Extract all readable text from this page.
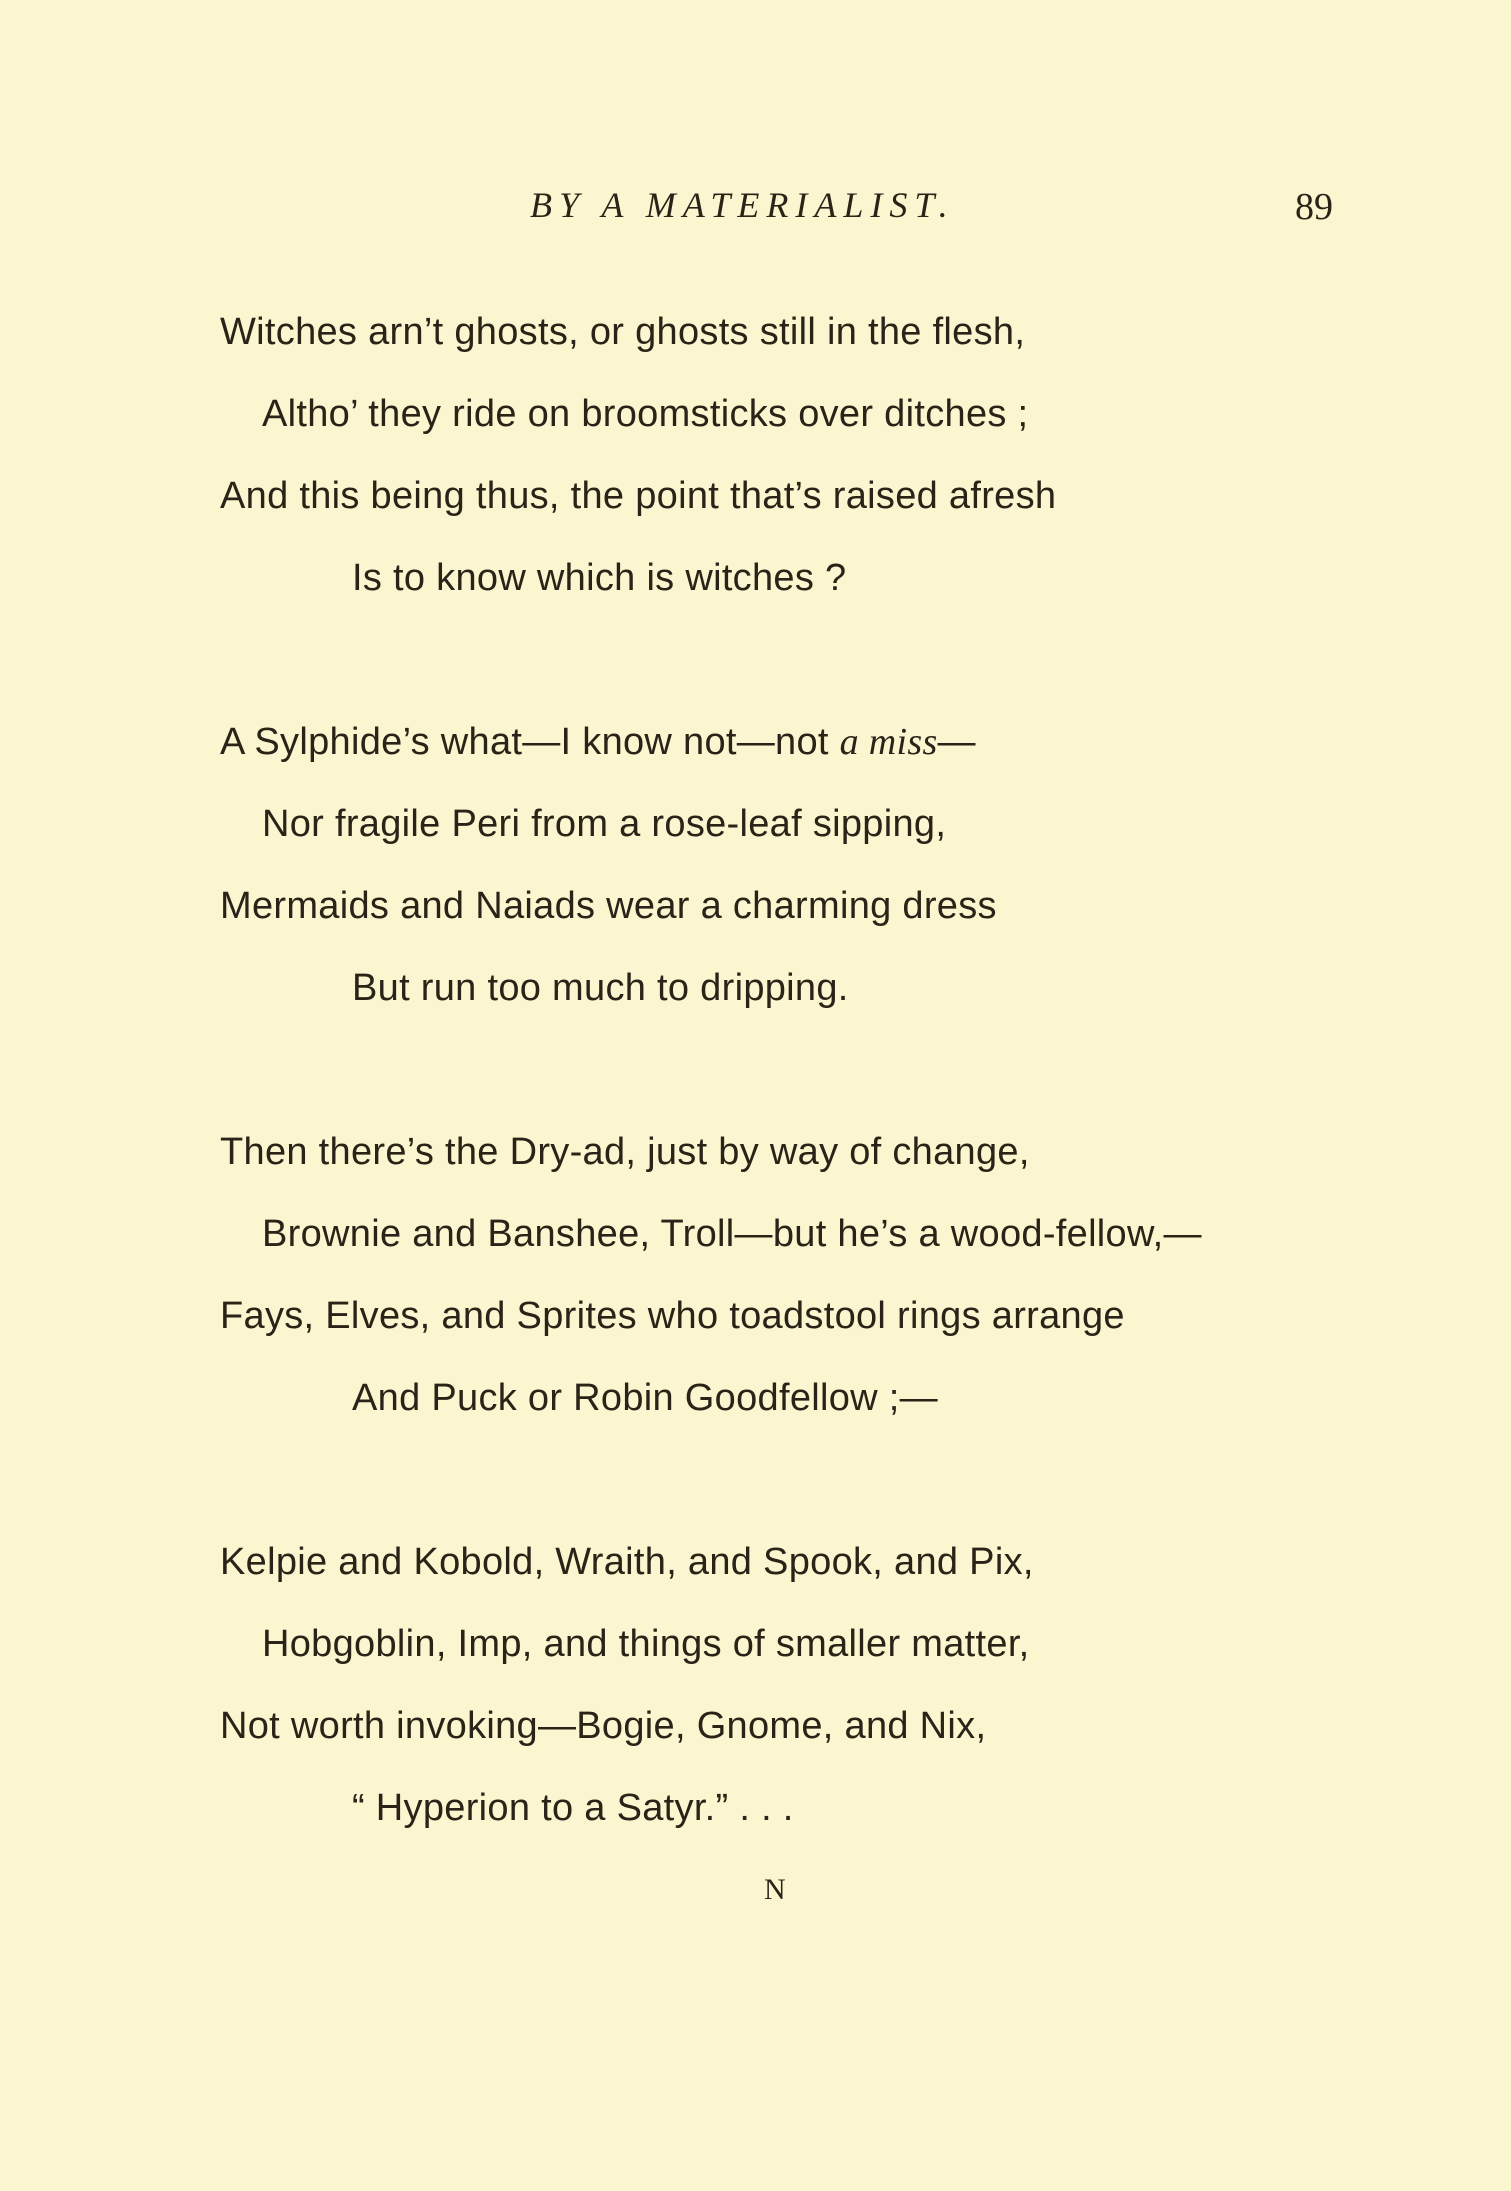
BY A MATERIALIST.	89
Witches arn’t ghosts, or ghosts still in the flesh,
Altho’ they ride on broomsticks over ditches ;
And this being thus, the point that’s raised afresh
Is to know which is witches ?
A Sylphide’s what—I know not—not a miss—
Nor fragile Peri from a rose-leaf sipping,
Mermaids and Naiads wear a charming dress
But run too much to dripping.
Then there’s the Dry-ad, just by way of change,
Brownie and Banshee, Troll—but he’s a wood-fellow,—
Fays, Elves, and Sprites who toadstool rings arrange
And Puck or Robin Goodfellow ;—
Kelpie and Kobold, Wraith, and Spook, and Pix,
Hobgoblin, Imp, and things of smaller matter,
Not worth invoking—Bogie, Gnome, and Nix,
“ Hyperion to a Satyr.” . . .
N
